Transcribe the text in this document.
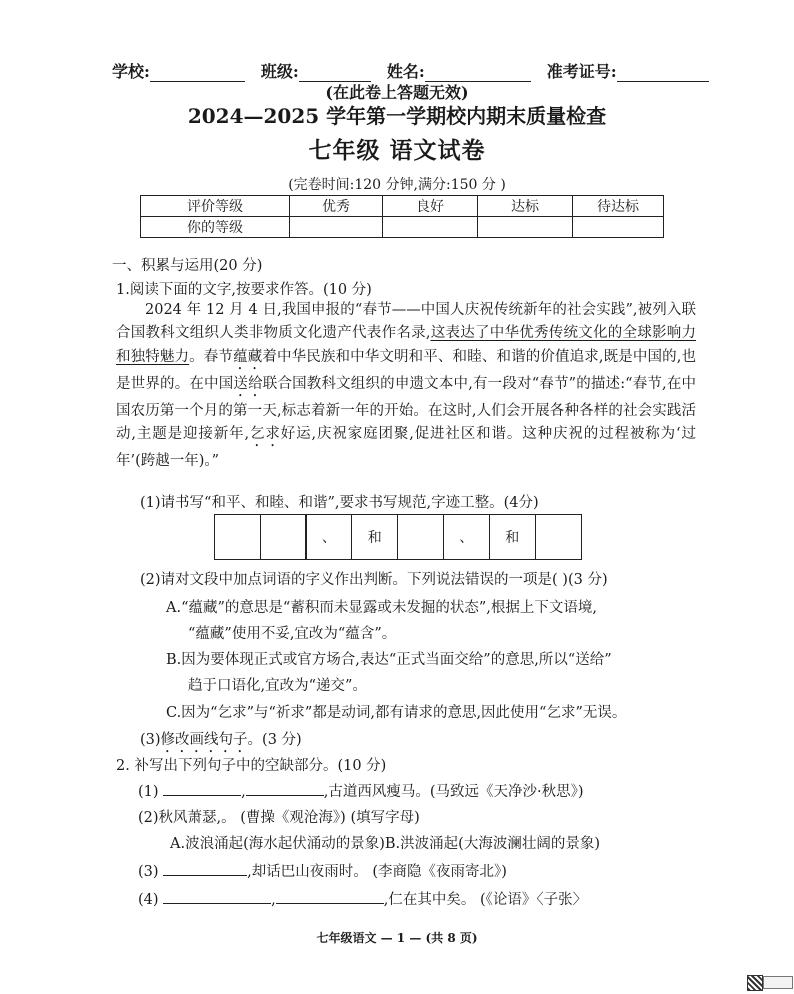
学校:	班级:	姓名:	准考证号:
(在此卷上答题无效)
2024—2025 学年第一学期校内期末质量检查
七年级 语文试卷
(完卷时间:120 分钟,满分:150 分 )
评价等级	优秀	良好	达标	待达标
你的等级				
一、积累与运用(20 分)
1.阅读下面的文字,按要求作答。(10 分)

2024 年 12 月 4 日,我国申报的“春节——中国人庆祝传统新年的社会实践”,被列入联合国教科文组织人类非物质文化遗产代表作名录,这表达了中华优秀传统文化的全球影响力和独特魅力。春节蕴藏着中华民族和中华文明和平、和睦、和谐的价值追求,既是中国的,也是世界的。在中国送给联合国教科文组织的申遗文本中,有一段对“春节”的描述:“春节,在中国农历第一个月的第一天,标志着新一年的开始。在这时,人们会开展各种各样的社会实践活动,主题是迎接新年,乞求好运,庆祝家庭团聚,促进社区和谐。这种庆祝的过程被称为‘过年’(跨越一年)。”

(1)请书写“和平、和睦、和谐”,要求书写规范,字迹工整。(4分)
、	和	、	和
(2)请对文段中加点词语的字义作出判断。下列说法错误的一项是( )(3 分)
A.“蕴藏”的意思是“蓄积而未显露或未发掘的状态”,根据上下文语境,
“蕴藏”使用不妥,宜改为“蕴含”。
B.因为要体现正式或官方场合,表达“正式当面交给”的意思,所以“送给”
趋于口语化,宜改为“递交”。
C.因为“乞求”与“祈求”都是动词,都有请求的意思,因此使用“乞求”无误。
(3)修改画线句子。(3 分)
2. 补写出下列句子中的空缺部分。(10 分)
(1)	,	,古道西风瘦马。(马致远《天净沙·秋思》)
(2)秋风萧瑟,。 (曹操《观沧海》) (填写字母)
A.波浪涌起(海水起伏涌动的景象)B.洪波涌起(大海波澜壮阔的景象)
(3)	,却话巴山夜雨时。 (李商隐《夜雨寄北》)
(4)	,	,仁在其中矣。 (《论语》〈子张〉
七年级语文 — 1 — (共 8 页)
